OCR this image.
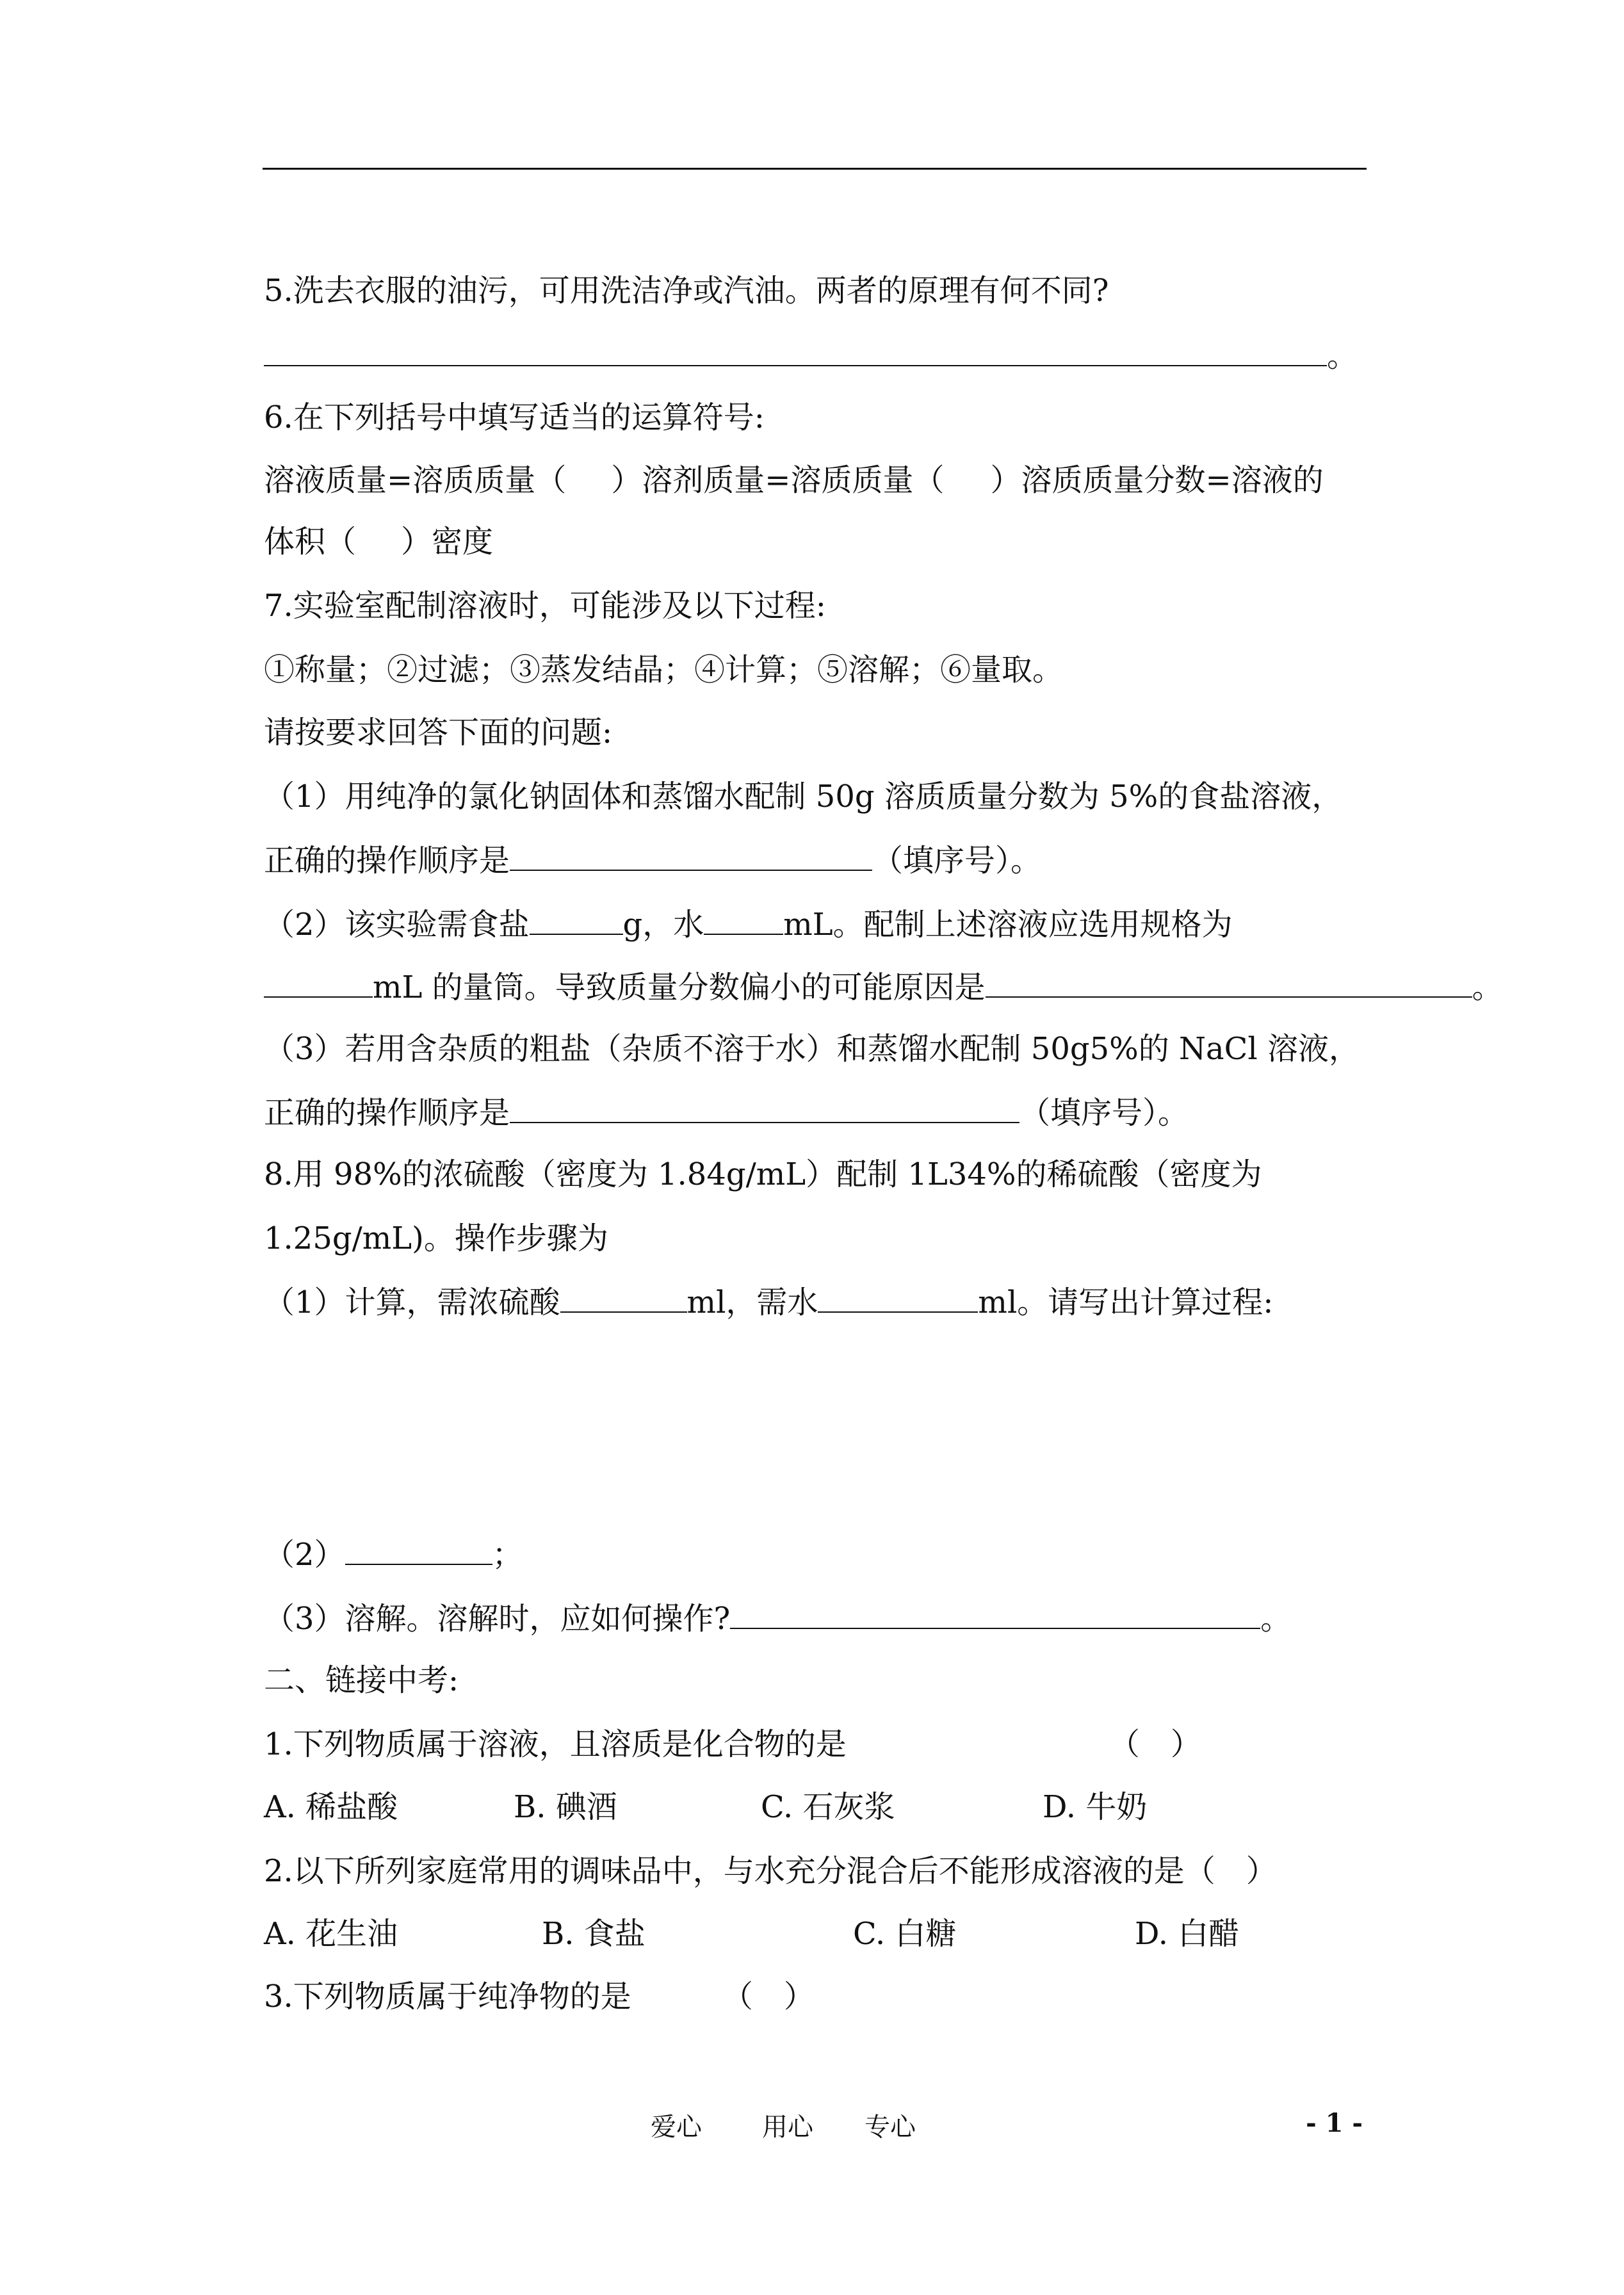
5.洗去衣服的油污，可用洗洁净或汽油。两者的原理有何不同?
。
6.在下列括号中填写适当的运算符号:
溶液质量=溶质质量（ ）溶剂质量=溶质质量（ ）溶质质量分数=溶液的
体积（ ）密度
7.实验室配制溶液时，可能涉及以下过程:
①称量；②过滤；③蒸发结晶；④计算；⑤溶解；⑥量取。
请按要求回答下面的问题:
（1）用纯净的氯化钠固体和蒸馏水配制 50g 溶质质量分数为 5%的食盐溶液，
正确的操作顺序是	（填序号）。
（2）该实验需食盐	g，水	mL。配制上述溶液应选用规格为
mL 的量筒。导致质量分数偏小的可能原因是	。
（3）若用含杂质的粗盐（杂质不溶于水）和蒸馏水配制 50g5%的 NaCl 溶液，
正确的操作顺序是	（填序号）。
8.用 98%的浓硫酸（密度为 1.84g/mL）配制 1L34%的稀硫酸（密度为
1.25g/mL)。操作步骤为
（1）计算，需浓硫酸	ml，需水	ml。请写出计算过程:
（2）	；
（3）溶解。溶解时，应如何操作?	。
二、链接中考:
1.下列物质属于溶液，且溶质是化合物的是	（　）
A. 稀盐酸	B. 碘酒	C. 石灰浆	D. 牛奶
2.以下所列家庭常用的调味品中，与水充分混合后不能形成溶液的是（　）
A. 花生油	B. 食盐	C. 白糖	D. 白醋
3.下列物质属于纯净物的是	（　）
爱心 用心 专心	- 1 -
